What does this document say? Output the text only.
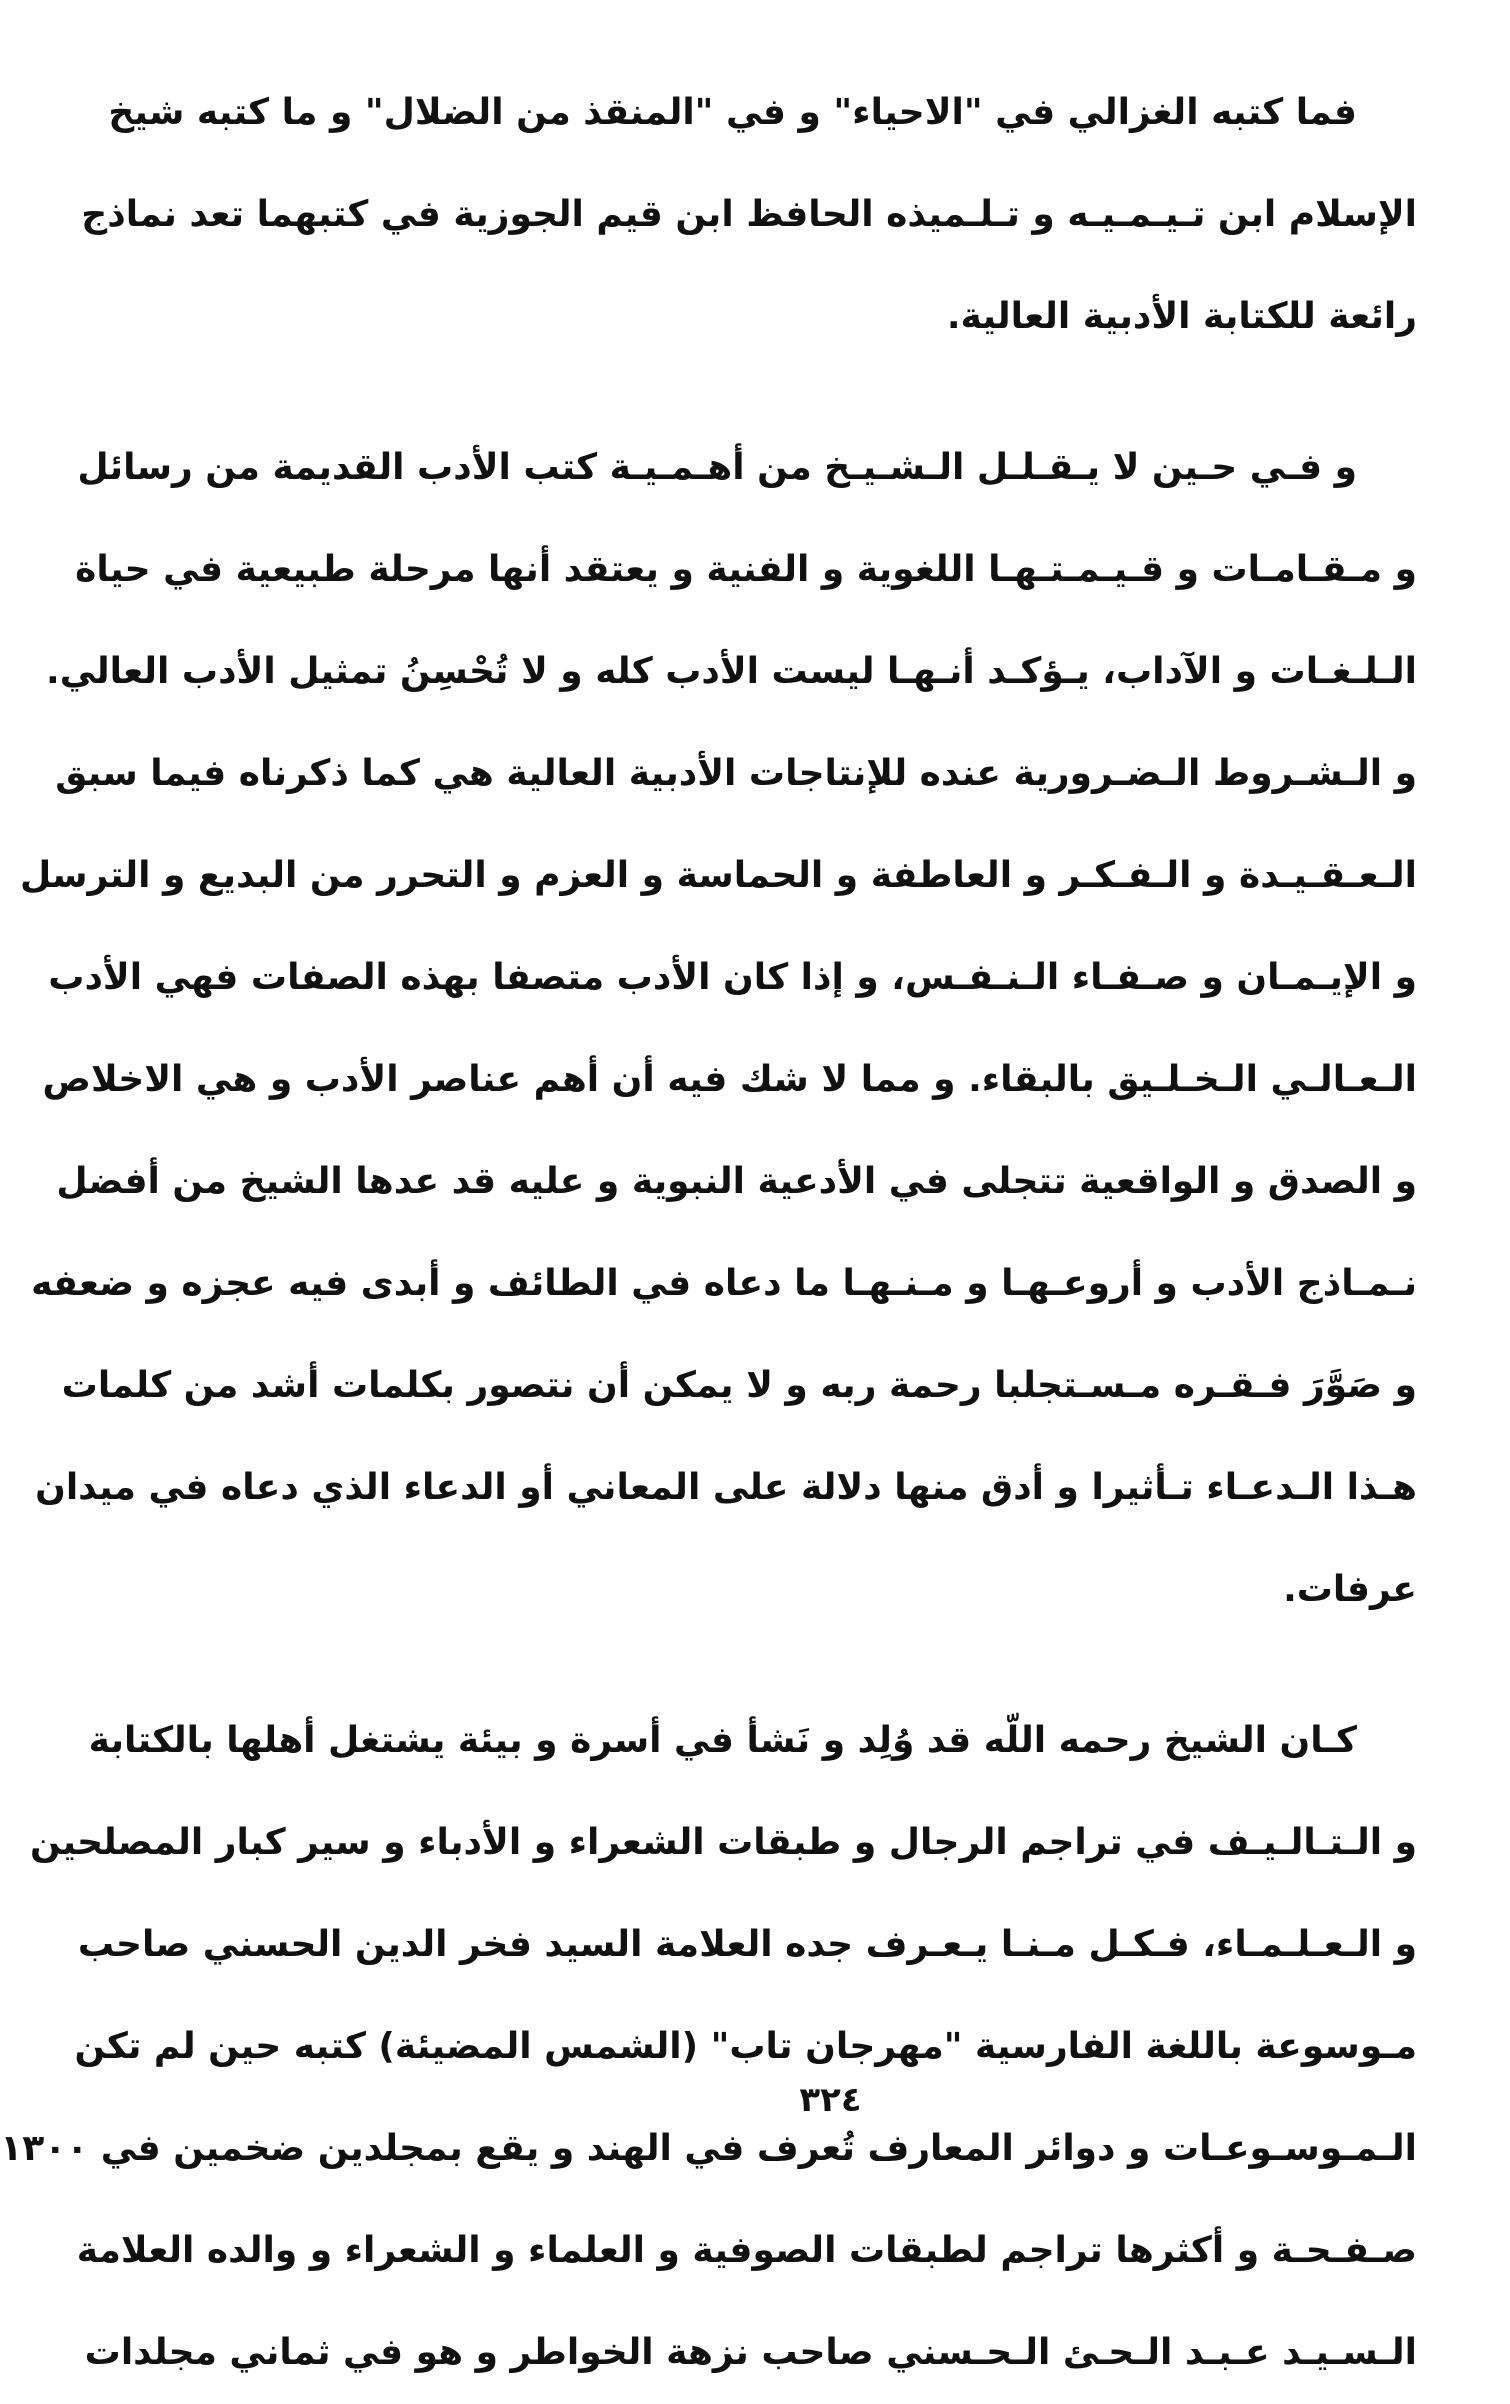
فما كتبه الغزالي في "الاحياء" و في "المنقذ من الضلال" و ما كتبه شيخ
الإسلام ابن تـيـمـيـه و تـلـميذه الحافظ ابن قيم الجوزية في كتبهما تعد نماذج
رائعة للكتابة الأدبية العالية.
و فـي حـين لا يـقـلـل الـشـيـخ من أهـمـيـة كتب الأدب القديمة من رسائل
و مـقـامـات و قـيـمـتـهـا اللغوية و الفنية و يعتقد أنها مرحلة طبيعية في حياة
الـلـغـات و الآداب، يـؤكـد أنـهـا ليست الأدب كله و لا تُحْسِنُ تمثيل الأدب العالي.
و الـشـروط الـضـرورية عنده للإنتاجات الأدبية العالية هي كما ذكرناه فيما سبق
الـعـقـيـدة و الـفـكـر و العاطفة و الحماسة و العزم و التحرر من البديع و الترسل
و الإيـمـان و صـفـاء الـنـفـس، و إذا كان الأدب متصفا بهذه الصفات فهي الأدب
الـعـالـي الـخـلـيق بالبقاء. و مما لا شك فيه أن أهم عناصر الأدب و هي الاخلاص
و الصدق و الواقعية تتجلى في الأدعية النبوية و عليه قد عدها الشيخ من أفضل
نـمـاذج الأدب و أروعـهـا و مـنـهـا ما دعاه في الطائف و أبدى فيه عجزه و ضعفه
و صَوَّرَ فـقـره مـسـتجلبا رحمة ربه و لا يمكن أن نتصور بكلمات أشد من كلمات
هـذا الـدعـاء تـأثيرا و أدق منها دلالة على المعاني أو الدعاء الذي دعاه في ميدان
عرفات.
كـان الشيخ رحمه اللّه قد وُلِد و نَشأ في أسرة و بيئة يشتغل أهلها بالكتابة
و الـتـالـيـف في تراجم الرجال و طبقات الشعراء و الأدباء و سير كبار المصلحين
و الـعـلـمـاء، فـكـل مـنـا يـعـرف جده العلامة السيد فخر الدين الحسني صاحب
مـوسوعة باللغة الفارسية "مهرجان تاب" (الشمس المضيئة) كتبه حين لم تكن
الـمـوسـوعـات و دوائر المعارف تُعرف في الهند و يقع بمجلدين ضخمين في ١٣٠٠
صـفـحـة و أكثرها تراجم لطبقات الصوفية و العلماء و الشعراء و والده العلامة
الـسـيـد عـبـد الـحـئ الـحـسني صاحب نزهة الخواطر و هو في ثماني مجلدات
٣٢٤
